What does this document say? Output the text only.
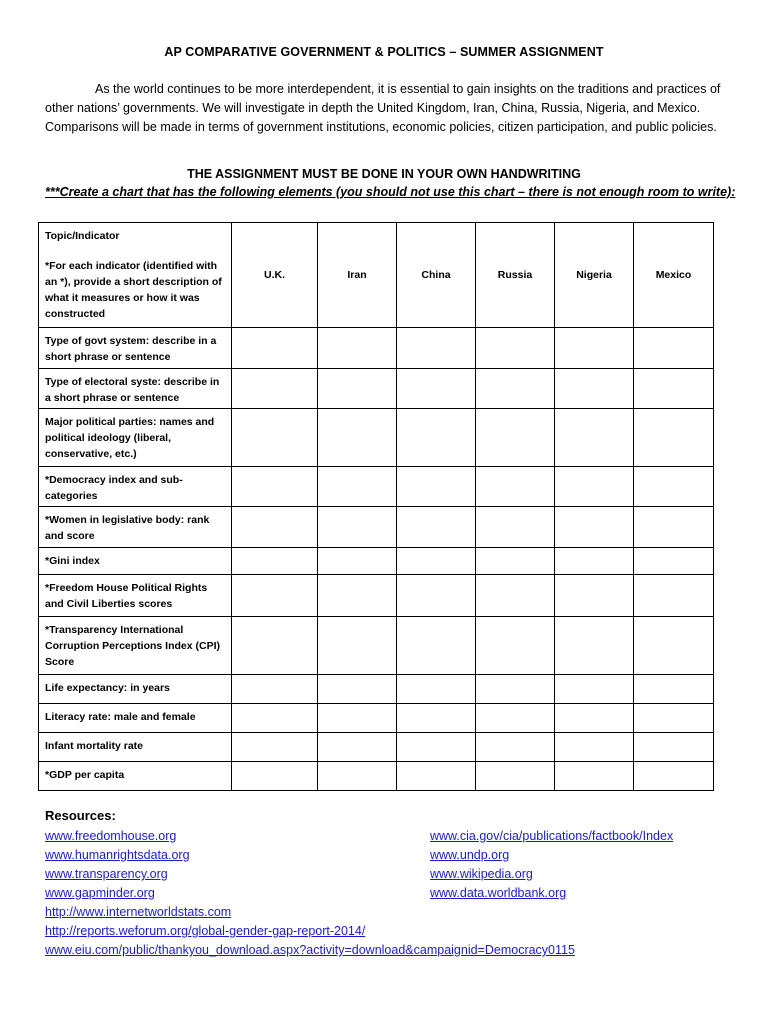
AP COMPARATIVE GOVERNMENT & POLITICS – SUMMER ASSIGNMENT

As the world continues to be more interdependent, it is essential to gain insights on the traditions and practices of other nations’ governments. We will investigate in depth the United Kingdom, Iran, China, Russia, Nigeria, and Mexico. Comparisons will be made in terms of government institutions, economic policies, citizen participation, and public policies.

THE ASSIGNMENT MUST BE DONE IN YOUR OWN HANDWRITING
***Create a chart that has the following elements (you should not use this chart – there is not enough room to write):
Topic/Indicator
*For each indicator (identified with an *), provide a short description of what it measures or how it was constructed	U.K.	Iran	China	Russia	Nigeria	Mexico
Type of govt system: describe in a short phrase or sentence						
Type of electoral syste: describe in a short phrase or sentence						
Major political parties: names and political ideology (liberal, conservative, etc.)						
*Democracy index and sub-categories						
*Women in legislative body: rank and score						
*Gini index						
*Freedom House Political Rights and Civil Liberties scores						
*Transparency International Corruption Perceptions Index (CPI) Score						
Life expectancy: in years						
Literacy rate: male and female						
Infant mortality rate						
*GDP per capita						
Resources:
www.freedomhouse.org
www.humanrightsdata.org
www.transparency.org
www.gapminder.org
http://www.internetworldstats.com
http://reports.weforum.org/global-gender-gap-report-2014/
www.eiu.com/public/thankyou_download.aspx?activity=download&campaignid=Democracy0115
www.cia.gov/cia/publications/factbook/Index
www.undp.org
www.wikipedia.org
www.data.worldbank.org
